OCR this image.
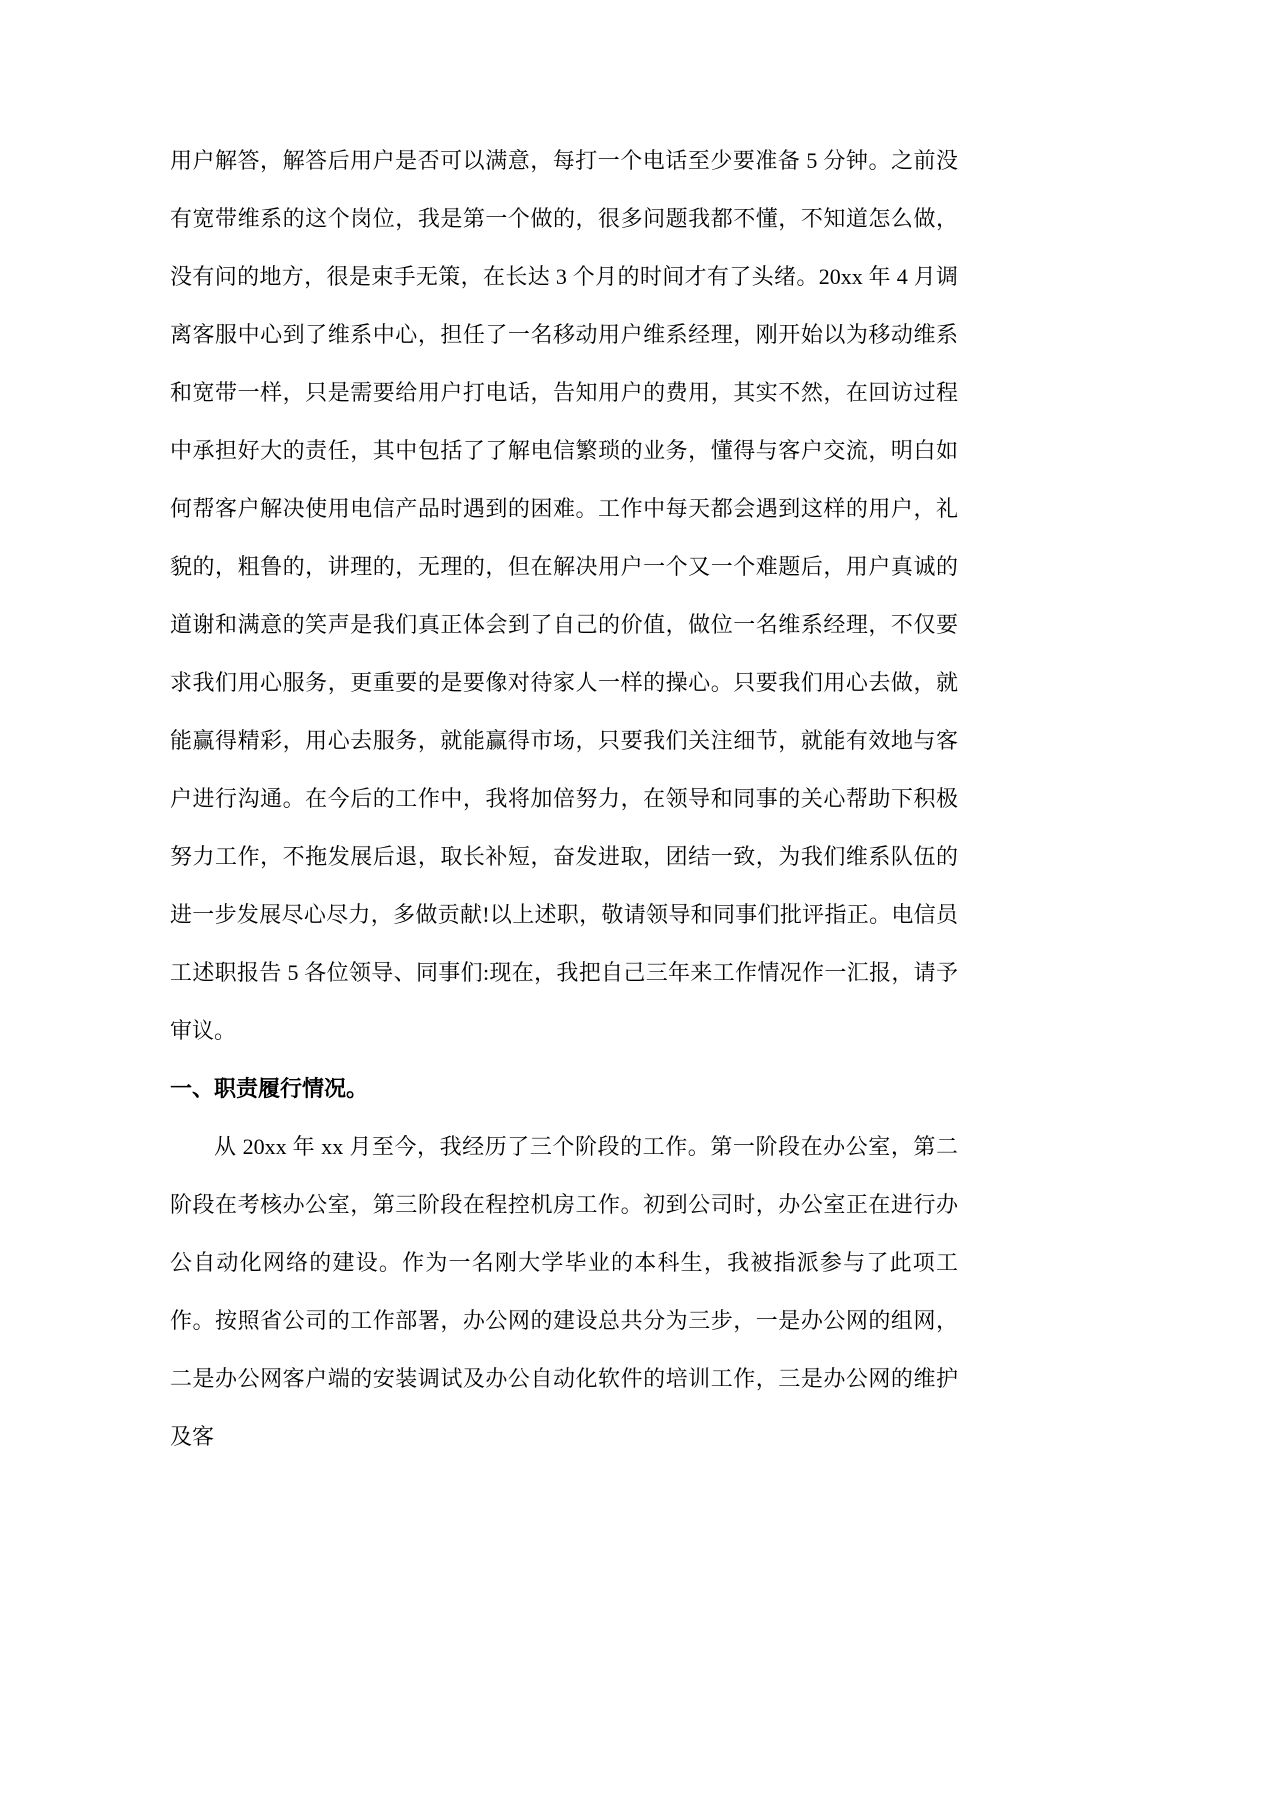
用户解答，解答后用户是否可以满意，每打一个电话至少要准备 5 分钟。之前没有宽带维系的这个岗位，我是第一个做的，很多问题我都不懂，不知道怎么做，没有问的地方，很是束手无策，在长达 3 个月的时间才有了头绪。20xx 年 4 月调离客服中心到了维系中心，担任了一名移动用户维系经理，刚开始以为移动维系和宽带一样，只是需要给用户打电话，告知用户的费用，其实不然，在回访过程中承担好大的责任，其中包括了了解电信繁琐的业务，懂得与客户交流，明白如何帮客户解决使用电信产品时遇到的困难。工作中每天都会遇到这样的用户，礼貌的，粗鲁的，讲理的，无理的，但在解决用户一个又一个难题后，用户真诚的道谢和满意的笑声是我们真正体会到了自己的价值，做位一名维系经理，不仅要求我们用心服务，更重要的是要像对待家人一样的操心。只要我们用心去做，就能赢得精彩，用心去服务，就能赢得市场，只要我们关注细节，就能有效地与客户进行沟通。在今后的工作中，我将加倍努力，在领导和同事的关心帮助下积极努力工作，不拖发展后退，取长补短，奋发进取，团结一致，为我们维系队伍的进一步发展尽心尽力，多做贡献!以上述职，敬请领导和同事们批评指正。电信员工述职报告 5 各位领导、同事们:现在，我把自己三年来工作情况作一汇报，请予审议。

一、职责履行情况。

从 20xx 年 xx 月至今，我经历了三个阶段的工作。第一阶段在办公室，第二阶段在考核办公室，第三阶段在程控机房工作。初到公司时，办公室正在进行办公自动化网络的建设。作为一名刚大学毕业的本科生，我被指派参与了此项工作。按照省公司的工作部署，办公网的建设总共分为三步，一是办公网的组网，二是办公网客户端的安装调试及办公自动化软件的培训工作，三是办公网的维护及客
